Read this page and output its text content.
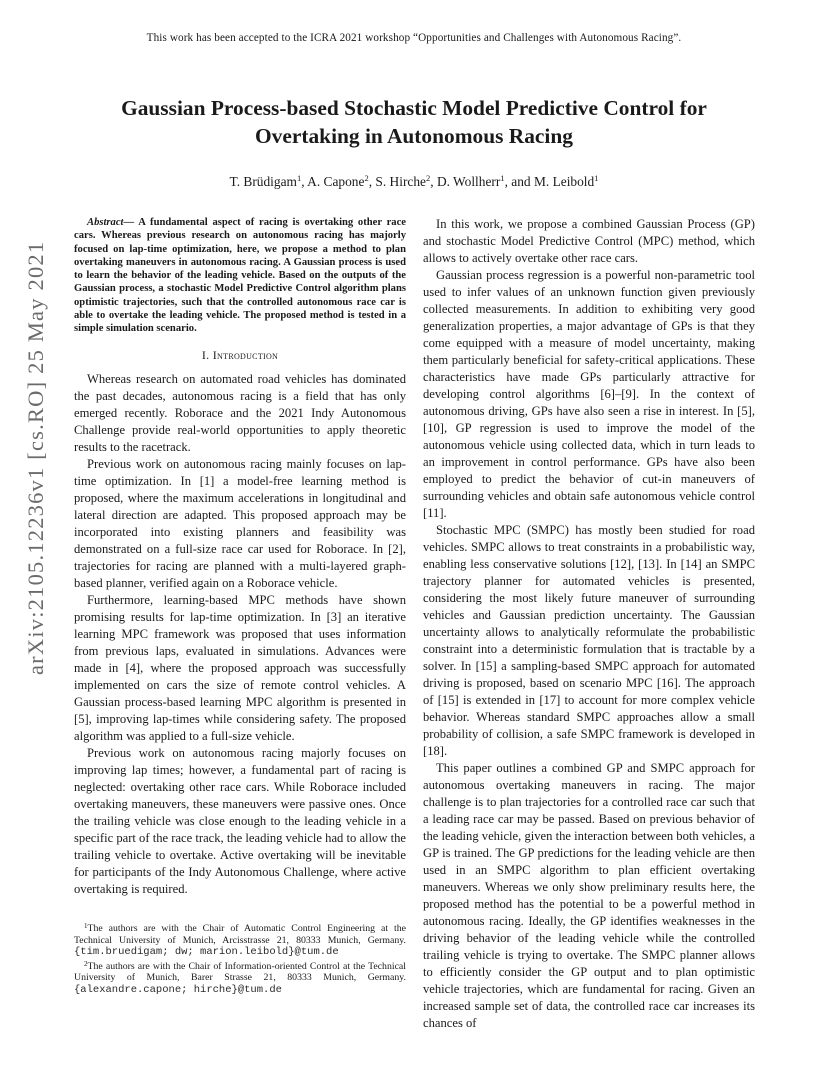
This work has been accepted to the ICRA 2021 workshop “Opportunities and Challenges with Autonomous Racing”.
arXiv:2105.12236v1 [cs.RO] 25 May 2021
Gaussian Process-based Stochastic Model Predictive Control for
Overtaking in Autonomous Racing
T. Brüdigam$^1$, A. Capone$^2$, S. Hirche$^2$, D. Wollherr$^1$, and M. Leibold$^1$

Abstract— A fundamental aspect of racing is overtaking other race cars. Whereas previous research on autonomous racing has majorly focused on lap-time optimization, here, we propose a method to plan overtaking maneuvers in autonomous racing. A Gaussian process is used to learn the behavior of the leading vehicle. Based on the outputs of the Gaussian process, a stochastic Model Predictive Control algorithm plans optimistic trajectories, such that the controlled autonomous race car is able to overtake the leading vehicle. The proposed method is tested in a simple simulation scenario.

I. Introduction

Whereas research on automated road vehicles has dominated the past decades, autonomous racing is a field that has only emerged recently. Roborace and the 2021 Indy Autonomous Challenge provide real-world opportunities to apply theoretic results to the racetrack.

Previous work on autonomous racing mainly focuses on lap-time optimization. In [1] a model-free learning method is proposed, where the maximum accelerations in longitudinal and lateral direction are adapted. This proposed approach may be incorporated into existing planners and feasibility was demonstrated on a full-size race car used for Roborace. In [2], trajectories for racing are planned with a multi-layered graph-based planner, verified again on a Roborace vehicle.

Furthermore, learning-based MPC methods have shown promising results for lap-time optimization. In [3] an iterative learning MPC framework was proposed that uses information from previous laps, evaluated in simulations. Advances were made in [4], where the proposed approach was successfully implemented on cars the size of remote control vehicles. A Gaussian process-based learning MPC algorithm is presented in [5], improving lap-times while considering safety. The proposed algorithm was applied to a full-size vehicle.

Previous work on autonomous racing majorly focuses on improving lap times; however, a fundamental part of racing is neglected: overtaking other race cars. While Roborace included overtaking maneuvers, these maneuvers were passive ones. Once the trailing vehicle was close enough to the leading vehicle in a specific part of the race track, the leading vehicle had to allow the trailing vehicle to overtake. Active overtaking will be inevitable for participants of the Indy Autonomous Challenge, where active overtaking is required.

$^1$The authors are with the Chair of Automatic Control Engineering at the Technical University of Munich, Arcisstrasse 21, 80333 Munich, Germany. {tim.bruedigam; dw; marion.leibold}@tum.de

$^2$The authors are with the Chair of Information-oriented Control at the Technical University of Munich, Barer Strasse 21, 80333 Munich, Germany. {alexandre.capone; hirche}@tum.de

In this work, we propose a combined Gaussian Process (GP) and stochastic Model Predictive Control (MPC) method, which allows to actively overtake other race cars.

Gaussian process regression is a powerful non-parametric tool used to infer values of an unknown function given previously collected measurements. In addition to exhibiting very good generalization properties, a major advantage of GPs is that they come equipped with a measure of model uncertainty, making them particularly beneficial for safety-critical applications. These characteristics have made GPs particularly attractive for developing control algorithms [6]–[9]. In the context of autonomous driving, GPs have also seen a rise in interest. In [5], [10], GP regression is used to improve the model of the autonomous vehicle using collected data, which in turn leads to an improvement in control performance. GPs have also been employed to predict the behavior of cut-in maneuvers of surrounding vehicles and obtain safe autonomous vehicle control [11].

Stochastic MPC (SMPC) has mostly been studied for road vehicles. SMPC allows to treat constraints in a probabilistic way, enabling less conservative solutions [12], [13]. In [14] an SMPC trajectory planner for automated vehicles is presented, considering the most likely future maneuver of surrounding vehicles and Gaussian prediction uncertainty. The Gaussian uncertainty allows to analytically reformulate the probabilistic constraint into a deterministic formulation that is tractable by a solver. In [15] a sampling-based SMPC approach for automated driving is proposed, based on scenario MPC [16]. The approach of [15] is extended in [17] to account for more complex vehicle behavior. Whereas standard SMPC approaches allow a small probability of collision, a safe SMPC framework is developed in [18].

This paper outlines a combined GP and SMPC approach for autonomous overtaking maneuvers in racing. The major challenge is to plan trajectories for a controlled race car such that a leading race car may be passed. Based on previous behavior of the leading vehicle, given the interaction between both vehicles, a GP is trained. The GP predictions for the leading vehicle are then used in an SMPC algorithm to plan efficient overtaking maneuvers. Whereas we only show preliminary results here, the proposed method has the potential to be a powerful method in autonomous racing. Ideally, the GP identifies weaknesses in the driving behavior of the leading vehicle while the controlled trailing vehicle is trying to overtake. The SMPC planner allows to efficiently consider the GP output and to plan optimistic vehicle trajectories, which are fundamental for racing. Given an increased sample set of data, the controlled race car increases its chances of
